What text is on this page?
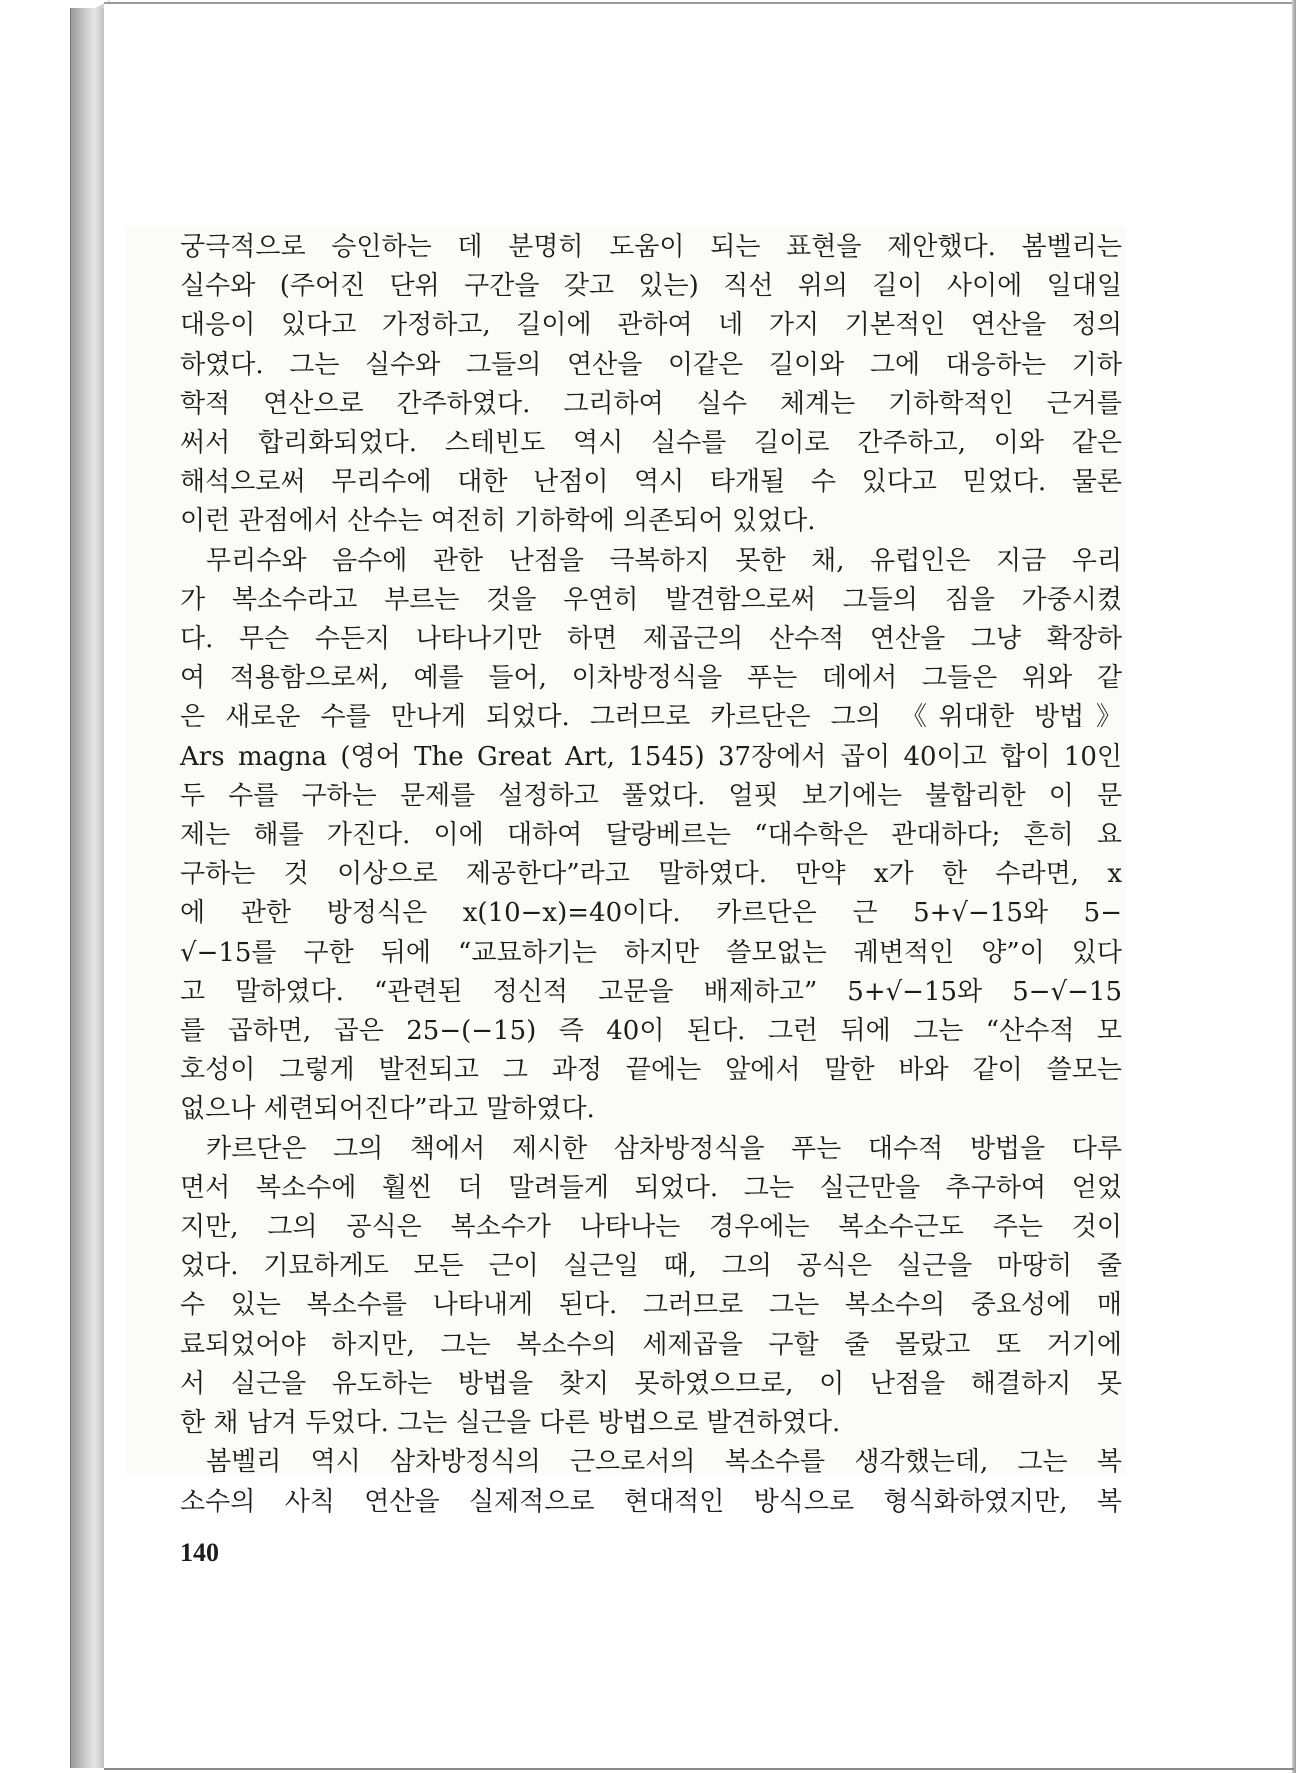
궁극적으로 승인하는 데 분명히 도움이 되는 표현을 제안했다. 봄벨리는

실수와 (주어진 단위 구간을 갖고 있는) 직선 위의 길이 사이에 일대일

대응이 있다고 가정하고, 길이에 관하여 네 가지 기본적인 연산을 정의

하였다. 그는 실수와 그들의 연산을 이같은 길이와 그에 대응하는 기하

학적 연산으로 간주하였다. 그리하여 실수 체계는 기하학적인 근거를

써서 합리화되었다. 스테빈도 역시 실수를 길이로 간주하고, 이와 같은

해석으로써 무리수에 대한 난점이 역시 타개될 수 있다고 믿었다. 물론

이런 관점에서 산수는 여전히 기하학에 의존되어 있었다.

무리수와 음수에 관한 난점을 극복하지 못한 채, 유럽인은 지금 우리

가 복소수라고 부르는 것을 우연히 발견함으로써 그들의 짐을 가중시켰

다. 무슨 수든지 나타나기만 하면 제곱근의 산수적 연산을 그냥 확장하

여 적용함으로써, 예를 들어, 이차방정식을 푸는 데에서 그들은 위와 같

은 새로운 수를 만나게 되었다. 그러므로 카르단은 그의 《위대한 방법》

Ars magna (영어 The Great Art, 1545) 37장에서 곱이 40이고 합이 10인

두 수를 구하는 문제를 설정하고 풀었다. 얼핏 보기에는 불합리한 이 문

제는 해를 가진다. 이에 대하여 달랑베르는 “대수학은 관대하다; 흔히 요

구하는 것 이상으로 제공한다”라고 말하였다. 만약 x가 한 수라면, x

에 관한 방정식은 x(10−x)=40이다. 카르단은 근 5+√−15와 5−

√−15를 구한 뒤에 “교묘하기는 하지만 쓸모없는 궤변적인 양”이 있다

고 말하였다. “관련된 정신적 고문을 배제하고” 5+√−15와 5−√−15

를 곱하면, 곱은 25−(−15) 즉 40이 된다. 그런 뒤에 그는 “산수적 모

호성이 그렇게 발전되고 그 과정 끝에는 앞에서 말한 바와 같이 쓸모는

없으나 세련되어진다”라고 말하였다.

카르단은 그의 책에서 제시한 삼차방정식을 푸는 대수적 방법을 다루

면서 복소수에 훨씬 더 말려들게 되었다. 그는 실근만을 추구하여 얻었

지만, 그의 공식은 복소수가 나타나는 경우에는 복소수근도 주는 것이

었다. 기묘하게도 모든 근이 실근일 때, 그의 공식은 실근을 마땅히 줄

수 있는 복소수를 나타내게 된다. 그러므로 그는 복소수의 중요성에 매

료되었어야 하지만, 그는 복소수의 세제곱을 구할 줄 몰랐고 또 거기에

서 실근을 유도하는 방법을 찾지 못하였으므로, 이 난점을 해결하지 못

한 채 남겨 두었다. 그는 실근을 다른 방법으로 발견하였다.

봄벨리 역시 삼차방정식의 근으로서의 복소수를 생각했는데, 그는 복

소수의 사칙 연산을 실제적으로 현대적인 방식으로 형식화하였지만, 복

140
